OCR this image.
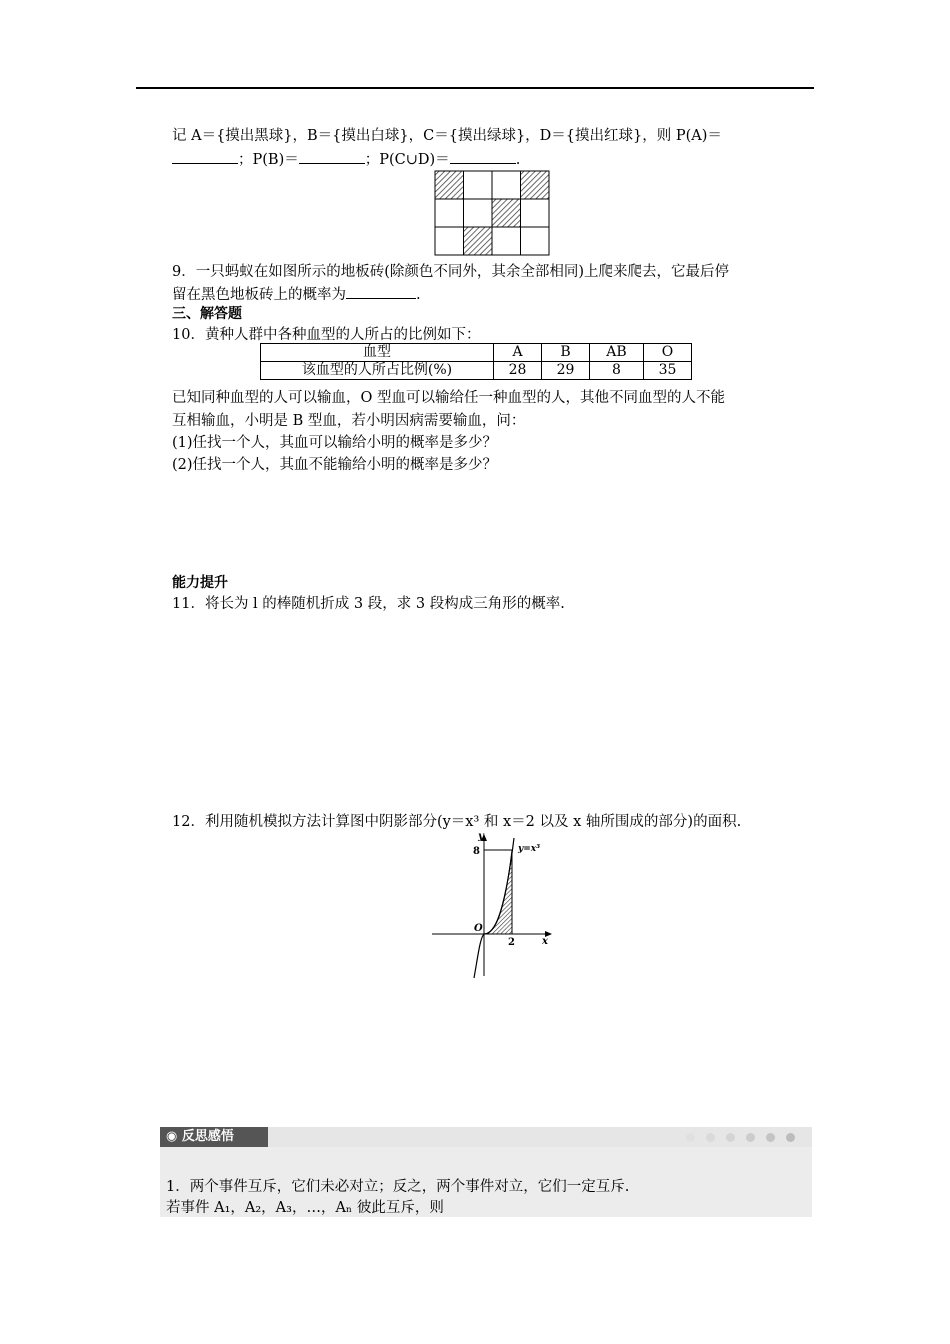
记 A＝{摸出黑球}，B＝{摸出白球}，C＝{摸出绿球}，D＝{摸出红球}，则 P(A)＝
；P(B)＝	；P(C∪D)＝	.
9．一只蚂蚁在如图所示的地板砖(除颜色不同外，其余全部相同)上爬来爬去，它最后停
留在黑色地板砖上的概率为	.
三、解答题
10．黄种人群中各种血型的人所占的比例如下：
血型	A	B	AB	O
该血型的人所占比例(%)	28	29	8	35
已知同种血型的人可以输血，O 型血可以输给任一种血型的人，其他不同血型的人不能
互相输血，小明是 B 型血，若小明因病需要输血，问：
(1)任找一个人，其血可以输给小明的概率是多少？
(2)任找一个人，其血不能输给小明的概率是多少？
能力提升
11．将长为 l 的棒随机折成 3 段，求 3 段构成三角形的概率.
12．利用随机模拟方法计算图中阴影部分(y＝x³ 和 x＝2 以及 x 轴所围成的部分)的面积.
y
x
O
8
2
y=x³
◉ 反思感悟
1．两个事件互斥，它们未必对立；反之，两个事件对立，它们一定互斥.
若事件 A₁，A₂，A₃，…，Aₙ 彼此互斥，则
